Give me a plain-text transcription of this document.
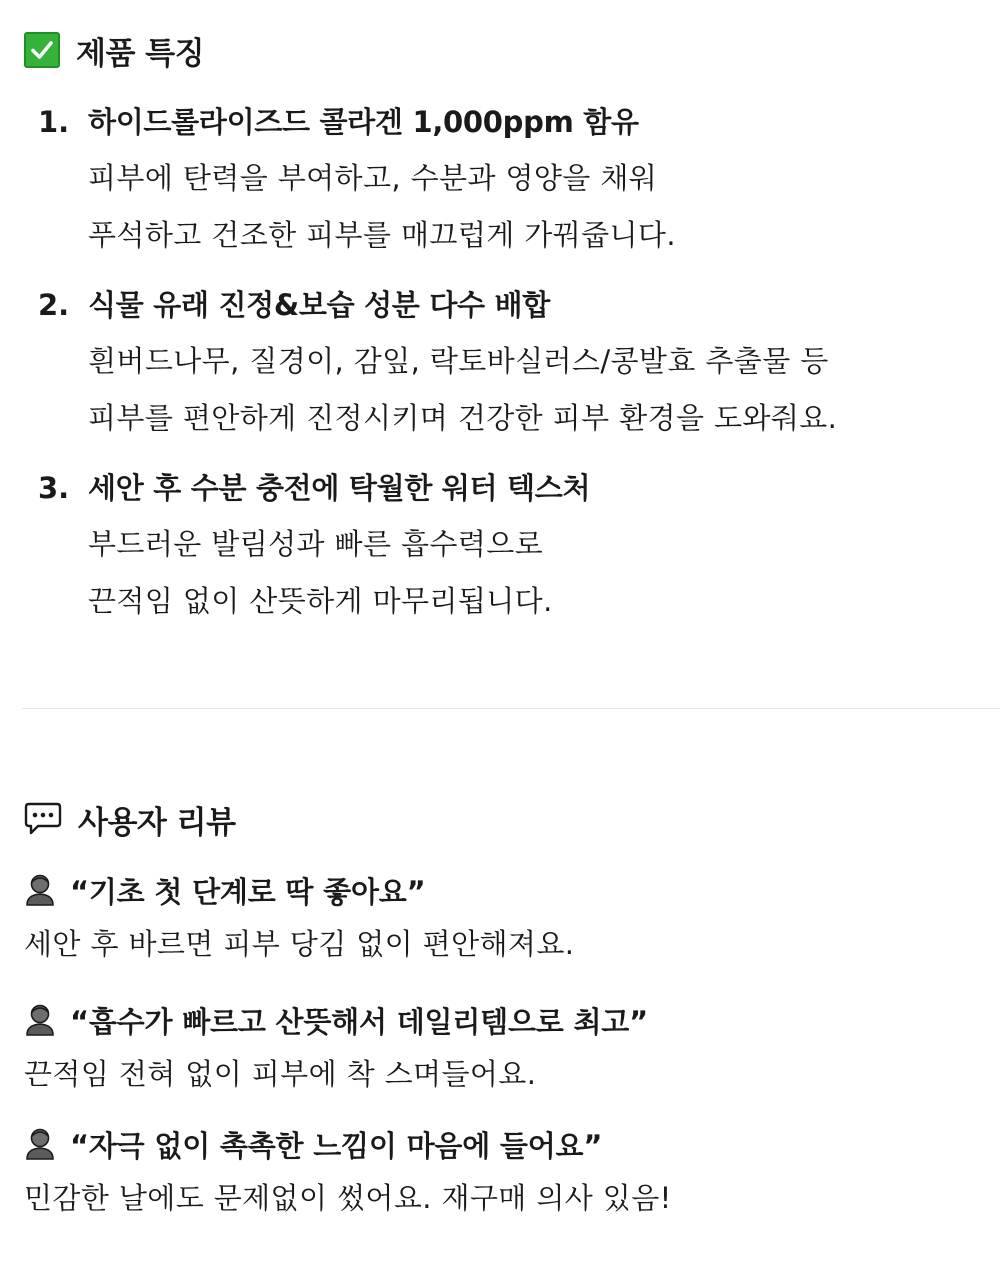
제품 특징
1. 하이드롤라이즈드 콜라겐 1,000ppm 함유
피부에 탄력을 부여하고, 수분과 영양을 채워
푸석하고 건조한 피부를 매끄럽게 가꿔줍니다.
2. 식물 유래 진정&보습 성분 다수 배합
흰버드나무, 질경이, 감잎, 락토바실러스/콩발효 추출물 등
피부를 편안하게 진정시키며 건강한 피부 환경을 도와줘요.
3. 세안 후 수분 충전에 탁월한 워터 텍스처
부드러운 발림성과 빠른 흡수력으로
끈적임 없이 산뜻하게 마무리됩니다.
사용자 리뷰
“기초 첫 단계로 딱 좋아요”
세안 후 바르면 피부 당김 없이 편안해져요.
“흡수가 빠르고 산뜻해서 데일리템으로 최고”
끈적임 전혀 없이 피부에 착 스며들어요.
“자극 없이 촉촉한 느낌이 마음에 들어요”
민감한 날에도 문제없이 썼어요. 재구매 의사 있음!
